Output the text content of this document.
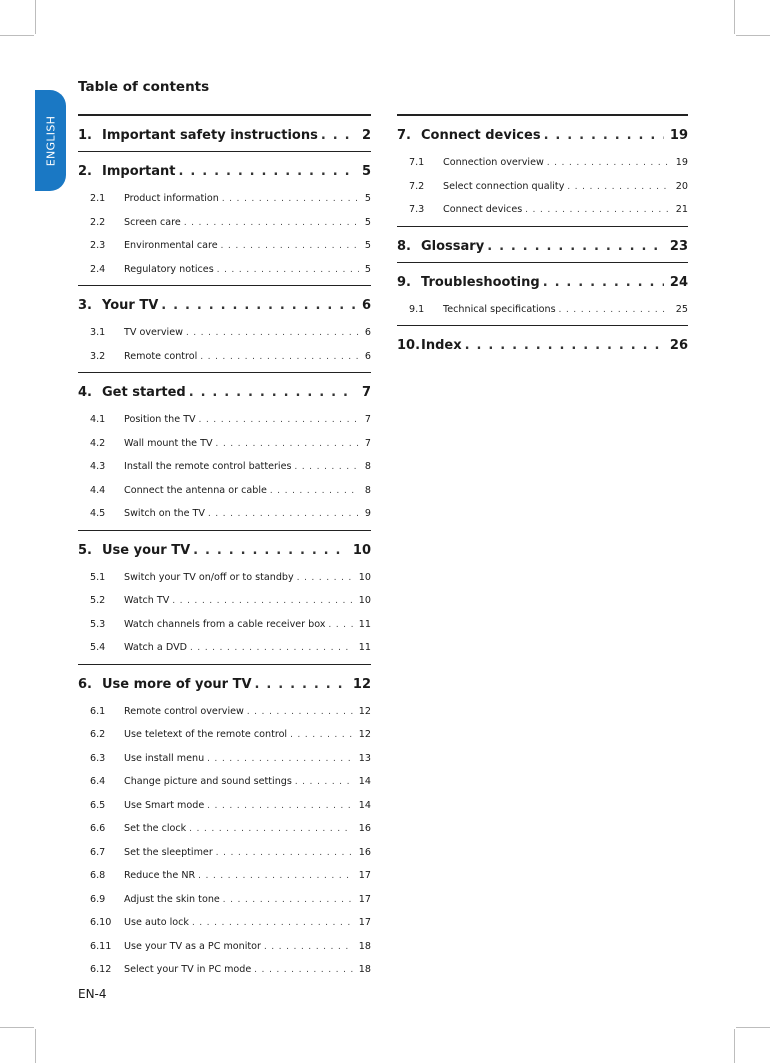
ENGLISH
Table of contents
1. Important safety instructions . . .	2
2. Important . . .	5
2.1	Product information . . .	5
2.2	Screen care . . .	5
2.3	Environmental care . . .	5
2.4	Regulatory notices . . .	5
3. Your TV . . .	6
3.1	TV overview . . .	6
3.2	Remote control . . .	6
4. Get started . . .	7
4.1	Position the TV . . .	7
4.2	Wall mount the TV . . .	7
4.3	Install the remote control batteries . . .	8
4.4	Connect the antenna or cable . . .	8
4.5	Switch on the TV . . .	9
5. Use your TV . . .	10
5.1	Switch your TV on/off or to standby . . .	10
5.2	Watch TV . . .	10
5.3	Watch channels from a cable receiver box . . .	11
5.4	Watch a DVD . . .	11
6. Use more of your TV . . .	12
6.1	Remote control overview . . .	12
6.2	Use teletext of the remote control . . .	12
6.3	Use install menu . . .	13
6.4	Change picture and sound settings . . .	14
6.5	Use Smart mode . . .	14
6.6	Set the clock . . .	16
6.7	Set the sleeptimer . . .	16
6.8	Reduce the NR . . .	17
6.9	Adjust the skin tone . . .	17
6.10	Use auto lock . . .	17
6.11	Use your TV as a PC monitor . . .	18
6.12	Select your TV in PC mode . . .	18
7. Connect devices . . .	19
7.1	Connection overview . . .	19
7.2	Select connection quality . . .	20
7.3	Connect devices . . .	21
8. Glossary . . .	23
9. Troubleshooting . . .	24
9.1	Technical specifications . . .	25
10. Index . . .	26
EN-4
